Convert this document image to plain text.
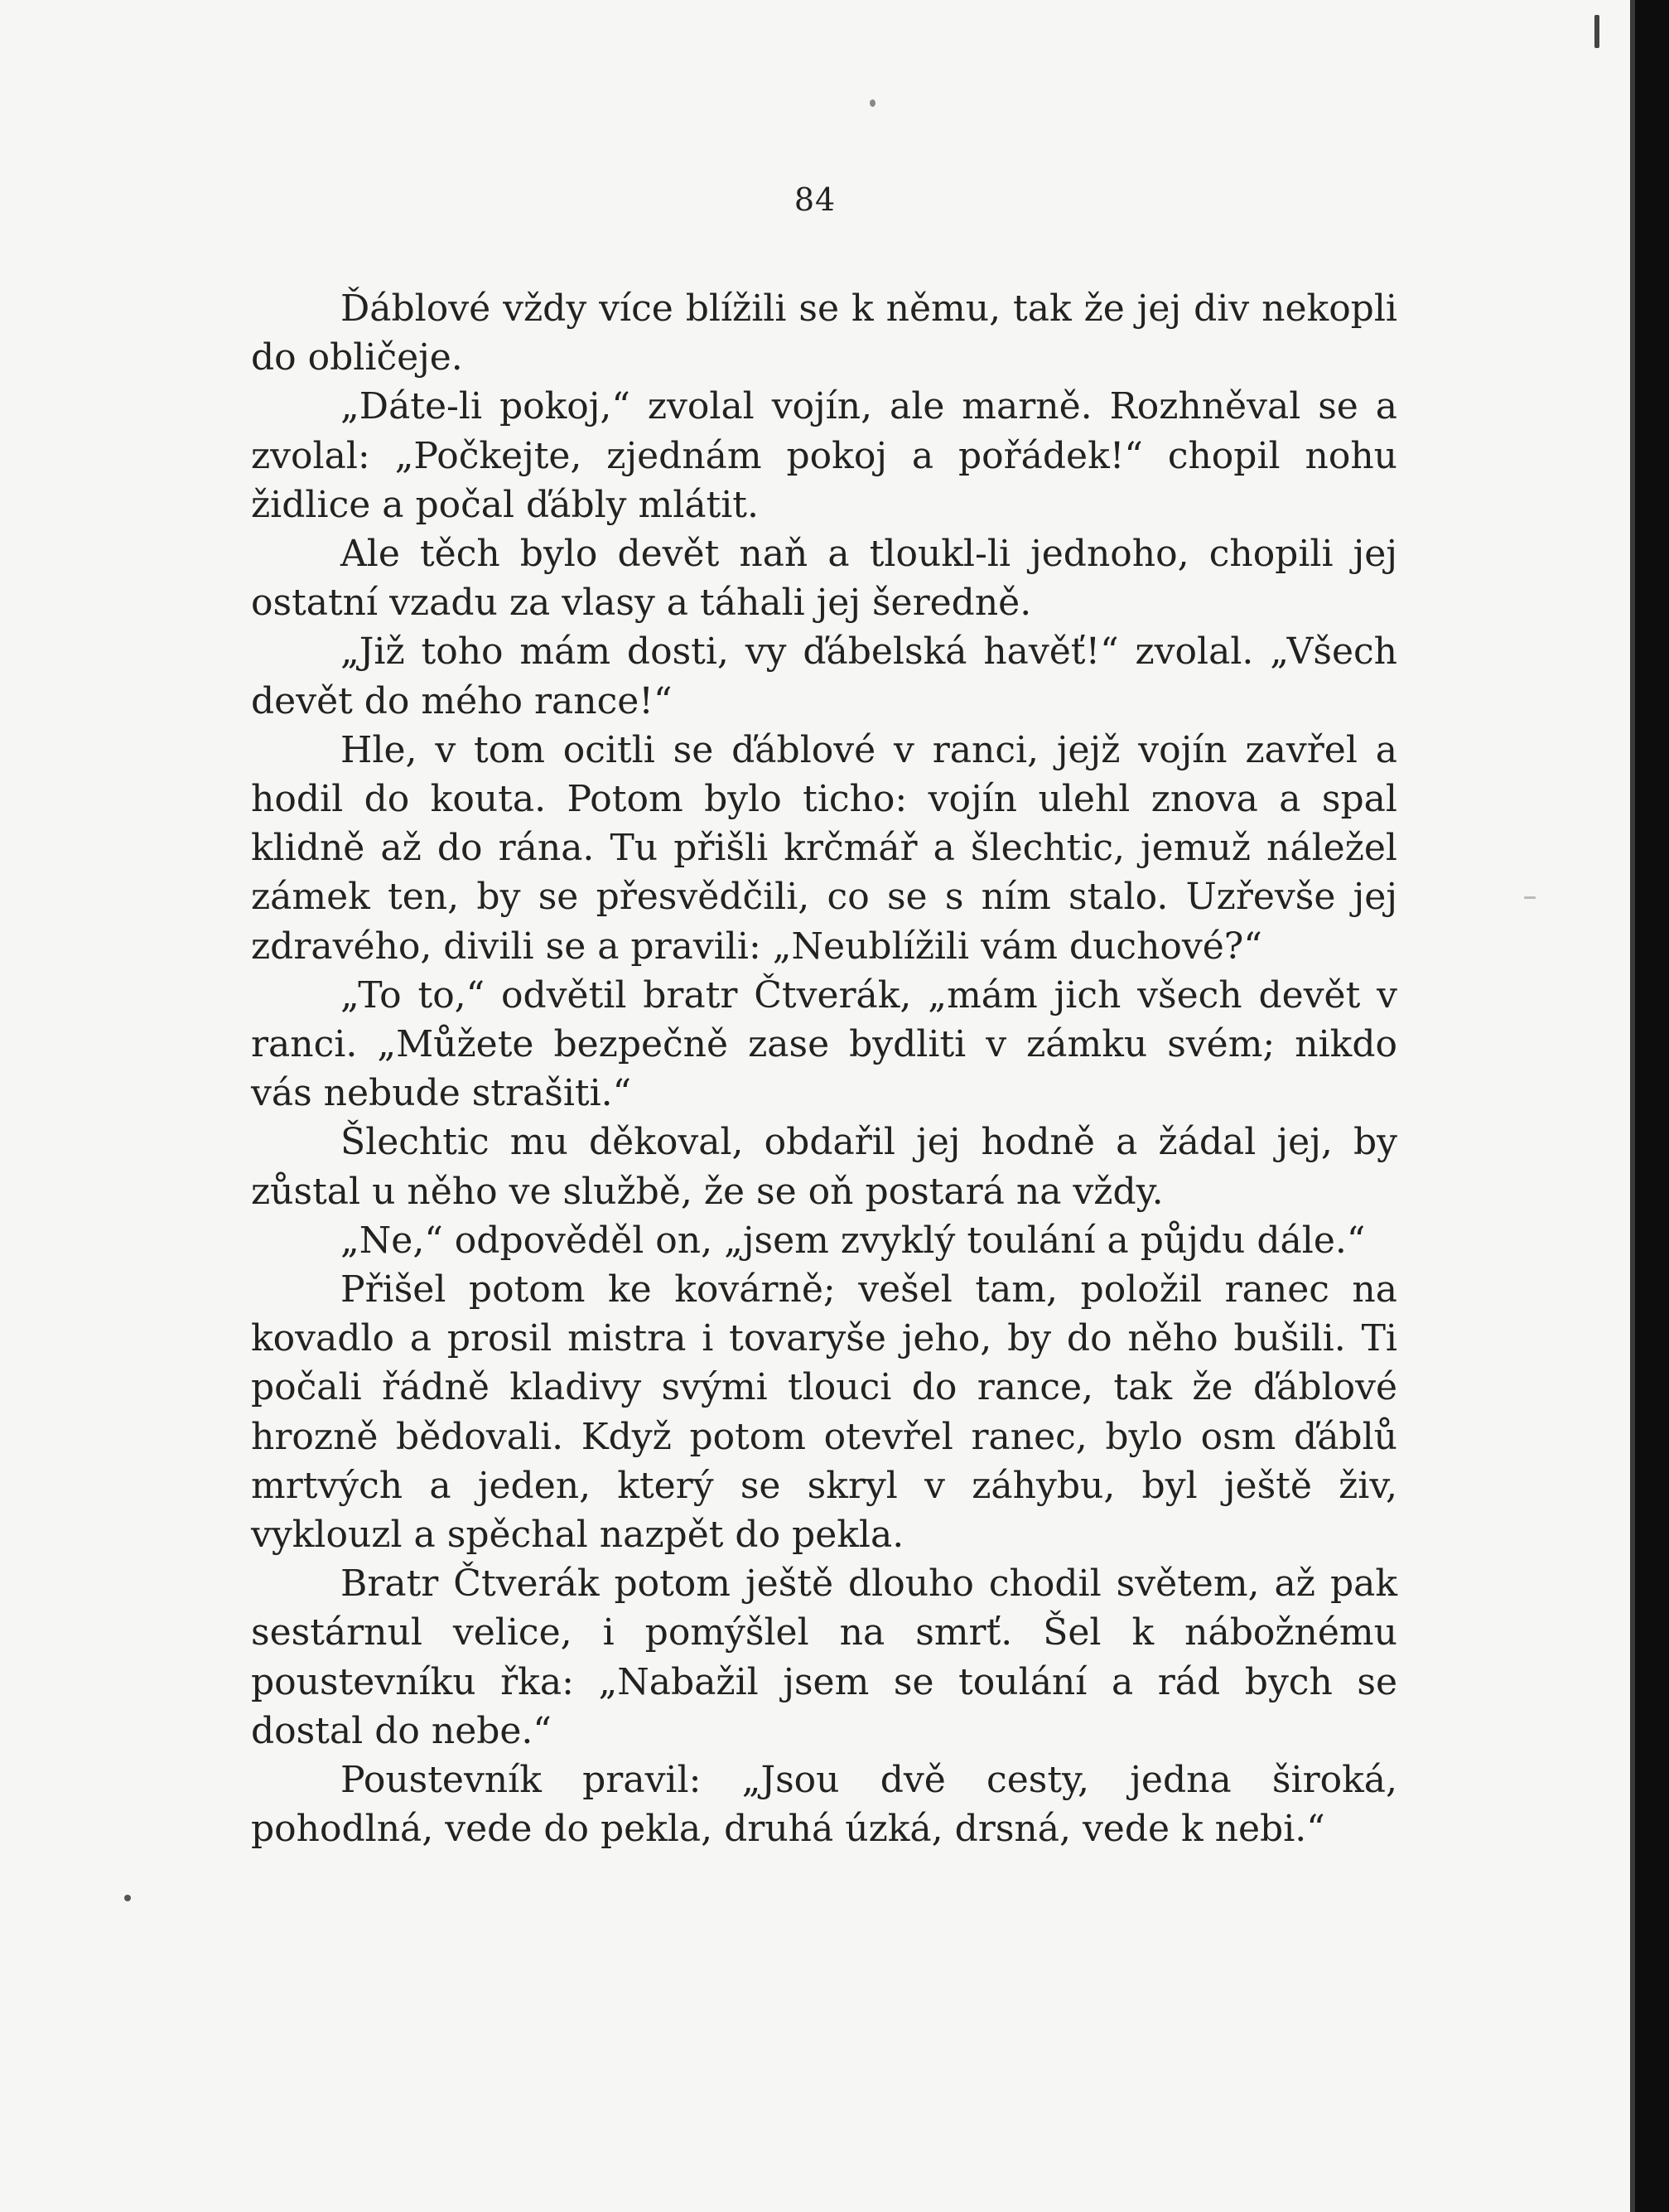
84

Ďáblové vždy více blížili se k němu, tak že jej div nekopli do obličeje.

„Dáte-li pokoj,“ zvolal vojín, ale marně. Rozhněval se a zvolal: „Počkejte, zjednám pokoj a pořádek!“ chopil nohu židlice a počal ďábly mlátit.

Ale těch bylo devět naň a tloukl-li jednoho, chopili jej ostatní vzadu za vlasy a táhali jej šeredně.

„Již toho mám dosti, vy ďábelská havěť!“ zvolal. „Všech devět do mého rance!“

Hle, v tom ocitli se ďáblové v ranci, jejž vojín zavřel a hodil do kouta. Potom bylo ticho: vojín ulehl znova a spal klidně až do rána. Tu přišli krčmář a šlechtic, jemuž náležel zámek ten, by se přesvědčili, co se s ním stalo. Uzřevše jej zdravého, divili se a pravili: „Neublížili vám duchové?“

„To to,“ odvětil bratr Čtverák, „mám jich všech devět v ranci. „Můžete bezpečně zase bydliti v zámku svém; nikdo vás nebude strašiti.“

Šlechtic mu děkoval, obdařil jej hodně a žádal jej, by zůstal u něho ve službě, že se oň postará na vždy.

„Ne,“ odpověděl on, „jsem zvyklý toulání a půjdu dále.“

Přišel potom ke kovárně; vešel tam, položil ranec na kovadlo a prosil mistra i tovaryše jeho, by do něho bušili. Ti počali řádně kladivy svými tlouci do rance, tak že ďáblové hrozně bědovali. Když potom otevřel ranec, bylo osm ďáblů mrtvých a jeden, který se skryl v záhybu, byl ještě živ, vyklouzl a spěchal nazpět do pekla.

Bratr Čtverák potom ještě dlouho chodil světem, až pak sestárnul velice, i pomýšlel na smrť. Šel k nábožnému poustevníku řka: „Nabažil jsem se toulání a rád bych se dostal do nebe.“

Poustevník pravil: „Jsou dvě cesty, jedna široká, pohodlná, vede do pekla, druhá úzká, drsná, vede k nebi.“
